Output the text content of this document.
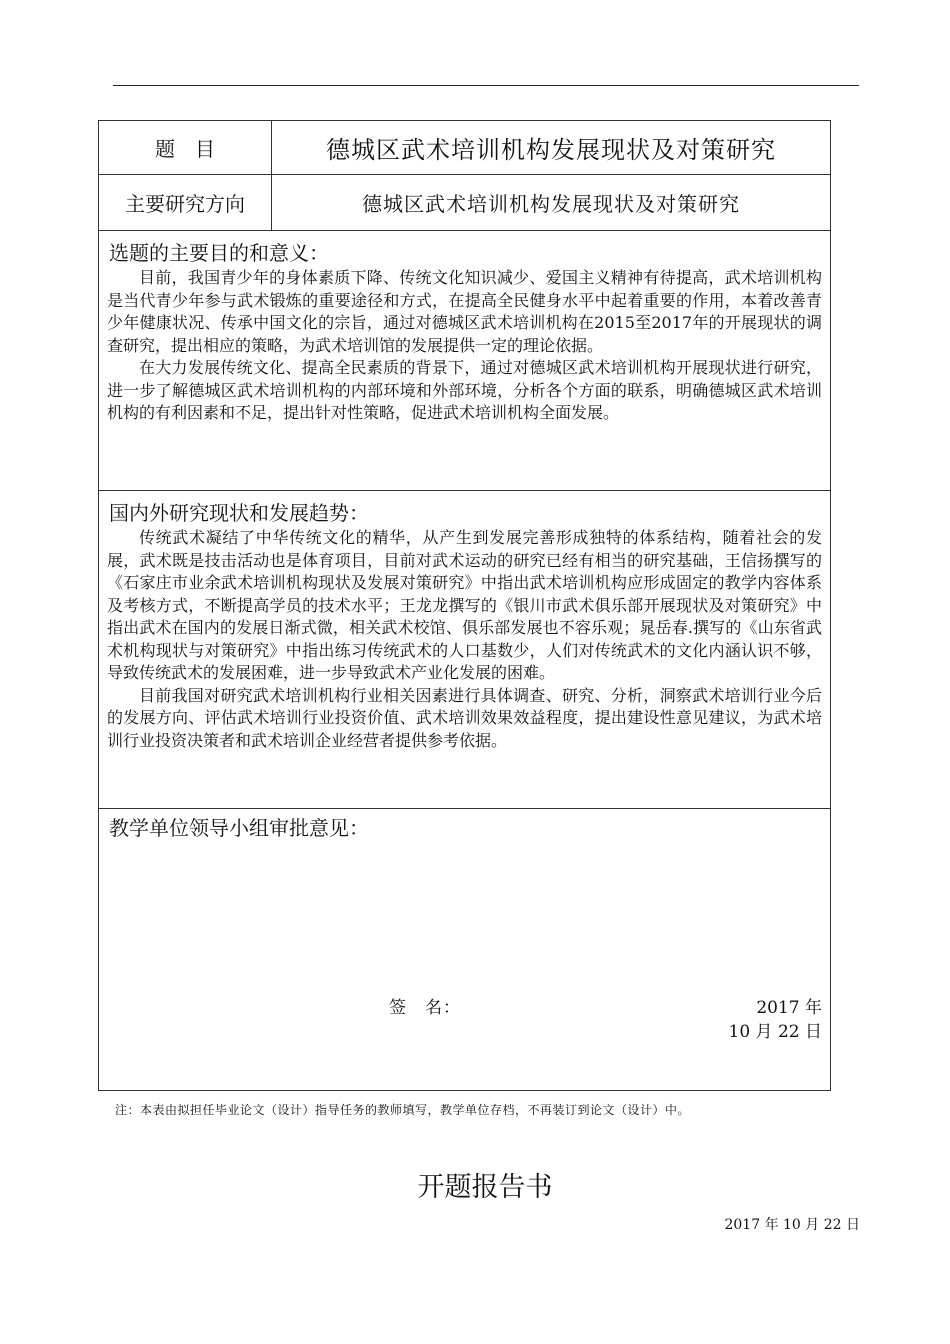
题　目	德城区武术培训机构发展现状及对策研究
主要研究方向	德城区武术培训机构发展现状及对策研究
选题的主要目的和意义：

目前，我国青少年的身体素质下降、传统文化知识减少、爱国主义精神有待提高，武术培训机构是当代青少年参与武术锻炼的重要途径和方式，在提高全民健身水平中起着重要的作用，本着改善青少年健康状况、传承中国文化的宗旨，通过对德城区武术培训机构在2015至2017年的开展现状的调查研究，提出相应的策略，为武术培训馆的发展提供一定的理论依据。

在大力发展传统文化、提高全民素质的背景下，通过对德城区武术培训机构开展现状进行研究，进一步了解德城区武术培训机构的内部环境和外部环境，分析各个方面的联系，明确德城区武术培训机构的有利因素和不足，提出针对性策略，促进武术培训机构全面发展。

国内外研究现状和发展趋势：

传统武术凝结了中华传统文化的精华，从产生到发展完善形成独特的体系结构，随着社会的发展，武术既是技击活动也是体育项目，目前对武术运动的研究已经有相当的研究基础，王信扬撰写的《石家庄市业余武术培训机构现状及发展对策研究》中指出武术培训机构应形成固定的教学内容体系及考核方式，不断提高学员的技术水平；王龙龙撰写的《银川市武术俱乐部开展现状及对策研究》中指出武术在国内的发展日渐式微，相关武术校馆、俱乐部发展也不容乐观；晁岳春.撰写的《山东省武术机构现状与对策研究》中指出练习传统武术的人口基数少，人们对传统武术的文化内涵认识不够，导致传统武术的发展困难，进一步导致武术产业化发展的困难。

目前我国对研究武术培训机构行业相关因素进行具体调查、研究、分析，洞察武术培训行业今后的发展方向、评估武术培训行业投资价值、武术培训效果效益程度，提出建设性意见建议，为武术培训行业投资决策者和武术培训企业经营者提供参考依据。

教学单位领导小组审批意见：
签　名：	2017 年
10 月 22 日
注：本表由拟担任毕业论文（设计）指导任务的教师填写，教学单位存档，不再装订到论文（设计）中。
开题报告书
2017 年 10 月 22 日
